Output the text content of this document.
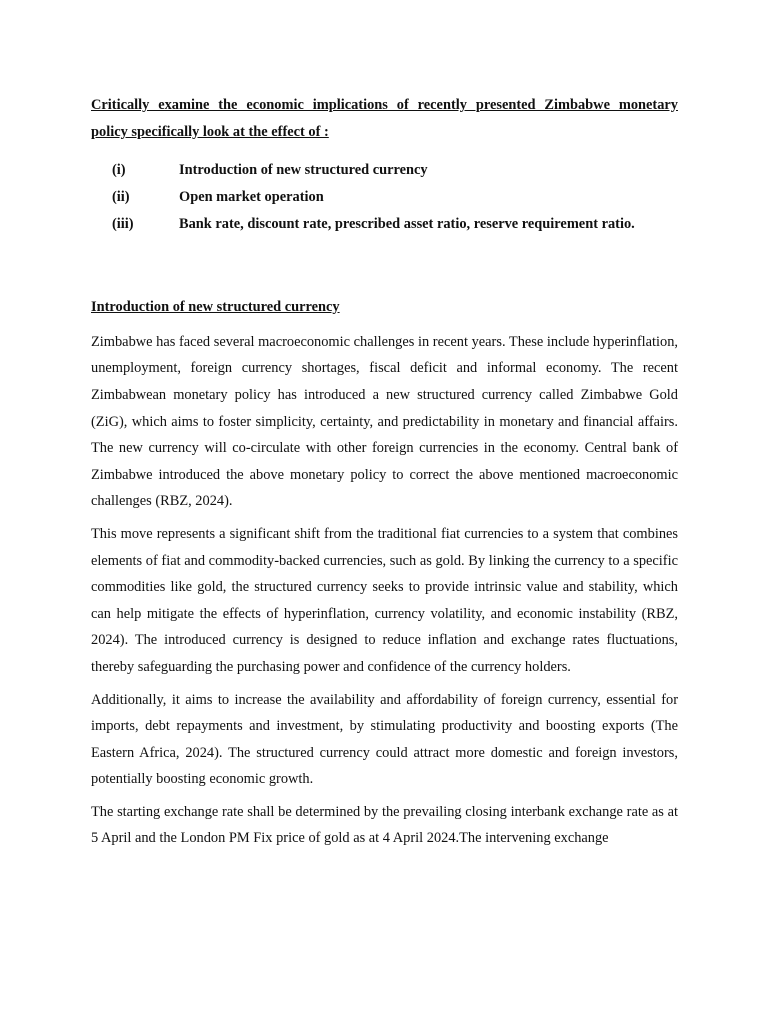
Critically examine the economic implications of recently presented Zimbabwe monetary
policy specifically look at the effect of :

(i)	Introduction of new structured currency
(ii)	Open market operation
(iii)	Bank rate, discount rate, prescribed asset ratio, reserve requirement ratio.
Introduction of new structured currency

Zimbabwe has faced several macroeconomic challenges in recent years. These include hyperinflation, unemployment, foreign currency shortages, fiscal deficit and informal economy. The recent Zimbabwean monetary policy has introduced a new structured currency called Zimbabwe Gold (ZiG), which aims to foster simplicity, certainty, and predictability in monetary and financial affairs. The new currency will co-circulate with other foreign currencies in the economy. Central bank of Zimbabwe introduced the above monetary policy to correct the above mentioned macroeconomic challenges (RBZ, 2024).

This move represents a significant shift from the traditional fiat currencies to a system that combines elements of fiat and commodity-backed currencies, such as gold. By linking the currency to a specific commodities like gold, the structured currency seeks to provide intrinsic value and stability, which can help mitigate the effects of hyperinflation, currency volatility, and economic instability (RBZ, 2024). The introduced currency is designed to reduce inflation and exchange rates fluctuations, thereby safeguarding the purchasing power and confidence of the currency holders.

Additionally, it aims to increase the availability and affordability of foreign currency, essential for imports, debt repayments and investment, by stimulating productivity and boosting exports (The Eastern Africa, 2024). The structured currency could attract more domestic and foreign investors, potentially boosting economic growth.

The starting exchange rate shall be determined by the prevailing closing interbank exchange rate as at 5 April and the London PM Fix price of gold as at 4 April 2024.The intervening exchange
